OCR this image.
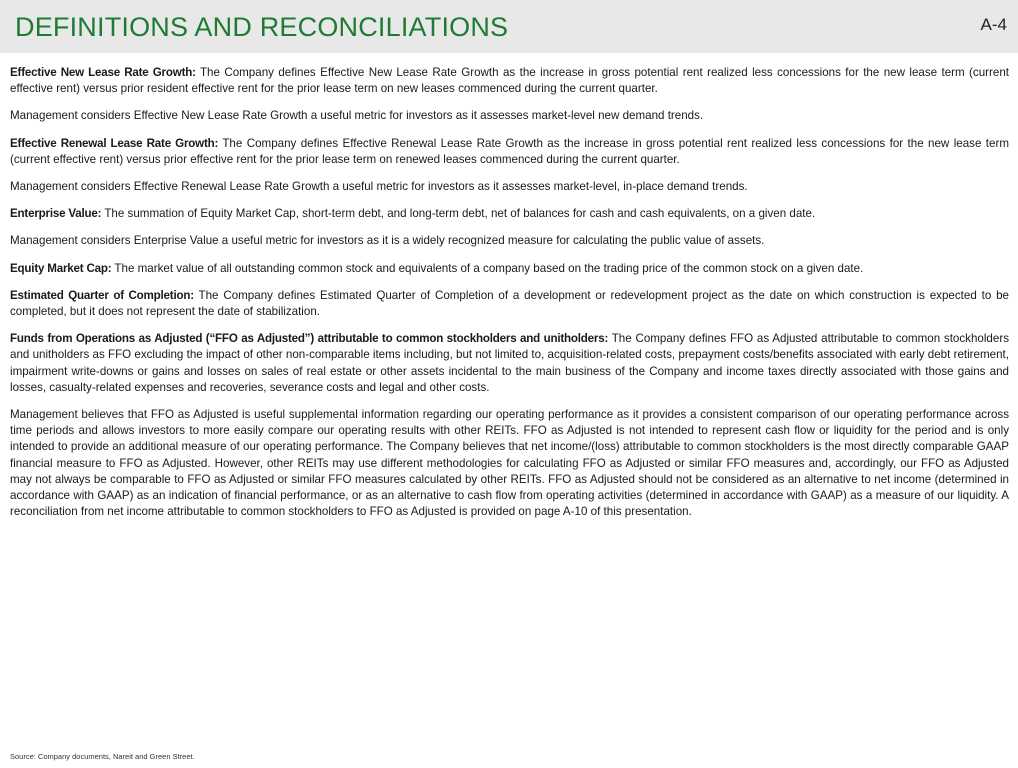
DEFINITIONS AND RECONCILIATIONS	A-4

Effective New Lease Rate Growth: The Company defines Effective New Lease Rate Growth as the increase in gross potential rent realized less concessions for the new lease term (current effective rent) versus prior resident effective rent for the prior lease term on new leases commenced during the current quarter.

Management considers Effective New Lease Rate Growth a useful metric for investors as it assesses market-level new demand trends.

Effective Renewal Lease Rate Growth: The Company defines Effective Renewal Lease Rate Growth as the increase in gross potential rent realized less concessions for the new lease term (current effective rent) versus prior effective rent for the prior lease term on renewed leases commenced during the current quarter.

Management considers Effective Renewal Lease Rate Growth a useful metric for investors as it assesses market-level, in-place demand trends.

Enterprise Value: The summation of Equity Market Cap, short-term debt, and long-term debt, net of balances for cash and cash equivalents, on a given date.

Management considers Enterprise Value a useful metric for investors as it is a widely recognized measure for calculating the public value of assets.

Equity Market Cap: The market value of all outstanding common stock and equivalents of a company based on the trading price of the common stock on a given date.

Estimated Quarter of Completion: The Company defines Estimated Quarter of Completion of a development or redevelopment project as the date on which construction is expected to be completed, but it does not represent the date of stabilization.

Funds from Operations as Adjusted (“FFO as Adjusted”) attributable to common stockholders and unitholders: The Company defines FFO as Adjusted attributable to common stockholders and unitholders as FFO excluding the impact of other non-comparable items including, but not limited to, acquisition-related costs, prepayment costs/benefits associated with early debt retirement, impairment write-downs or gains and losses on sales of real estate or other assets incidental to the main business of the Company and income taxes directly associated with those gains and losses, casualty-related expenses and recoveries, severance costs and legal and other costs.

Management believes that FFO as Adjusted is useful supplemental information regarding our operating performance as it provides a consistent comparison of our operating performance across time periods and allows investors to more easily compare our operating results with other REITs. FFO as Adjusted is not intended to represent cash flow or liquidity for the period and is only intended to provide an additional measure of our operating performance. The Company believes that net income/(loss) attributable to common stockholders is the most directly comparable GAAP financial measure to FFO as Adjusted. However, other REITs may use different methodologies for calculating FFO as Adjusted or similar FFO measures and, accordingly, our FFO as Adjusted may not always be comparable to FFO as Adjusted or similar FFO measures calculated by other REITs. FFO as Adjusted should not be considered as an alternative to net income (determined in accordance with GAAP) as an indication of financial performance, or as an alternative to cash flow from operating activities (determined in accordance with GAAP) as a measure of our liquidity. A reconciliation from net income attributable to common stockholders to FFO as Adjusted is provided on page A-10 of this presentation.

Source: Company documents, Nareit and Green Street.
